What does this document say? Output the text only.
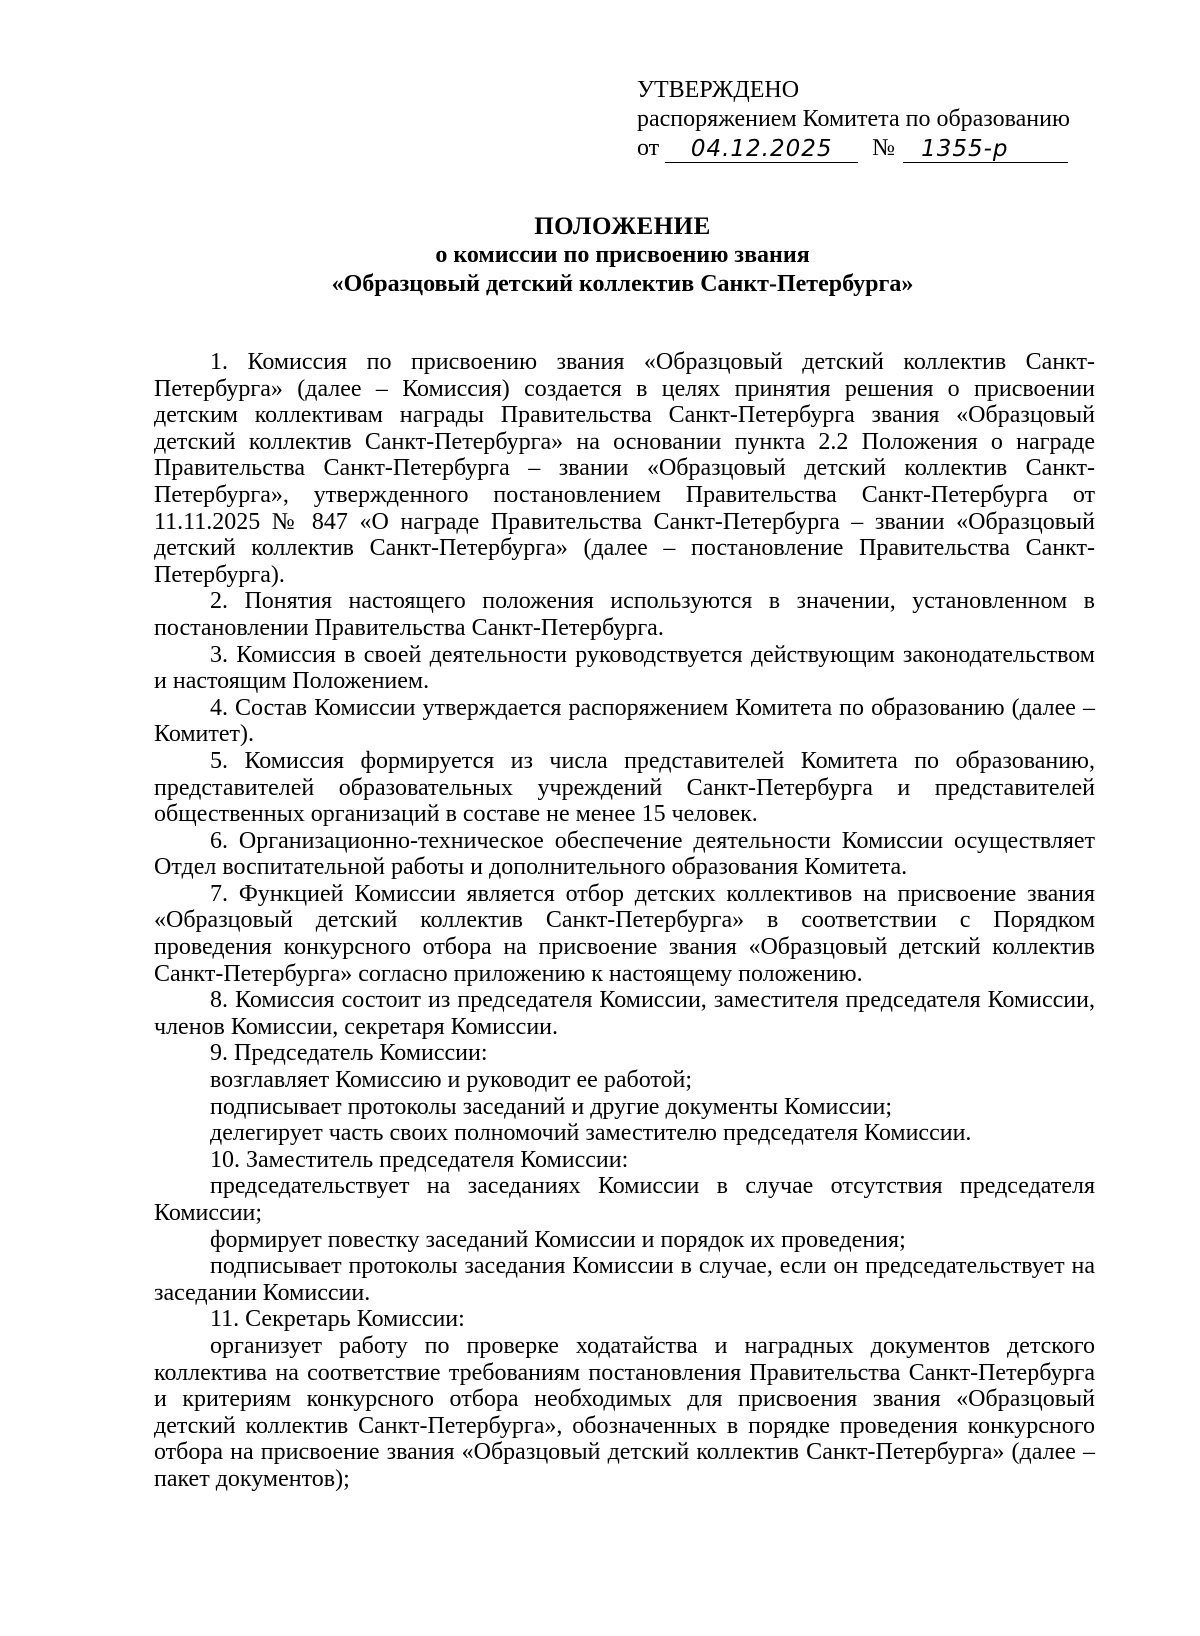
УТВЕРЖДЕНО
распоряжением Комитета по образованию
от	04.12.2025	№	1355-р
ПОЛОЖЕНИЕ
о комиссии по присвоению звания
«Образцовый детский коллектив Санкт-Петербурга»

1. Комиссия по присвоению звания «Образцовый детский коллектив Санкт-Петербурга» (далее – Комиссия) создается в целях принятия решения о присвоении детским коллективам награды Правительства Санкт-Петербурга звания «Образцовый детский коллектив Санкт-Петербурга» на основании пункта 2.2 Положения о награде Правительства Санкт-Петербурга – звании «Образцовый детский коллектив Санкт-Петербурга», утвержденного постановлением Правительства Санкт-Петербурга от 11.11.2025 № 847 «О награде Правительства Санкт-Петербурга – звании «Образцовый детский коллектив Санкт-Петербурга» (далее – постановление Правительства Санкт-Петербурга).

2. Понятия настоящего положения используются в значении, установленном в постановлении Правительства Санкт-Петербурга.

3. Комиссия в своей деятельности руководствуется действующим законодательством и настоящим Положением.

4. Состав Комиссии утверждается распоряжением Комитета по образованию (далее – Комитет).

5. Комиссия формируется из числа представителей Комитета по образованию, представителей образовательных учреждений Санкт-Петербурга и представителей общественных организаций в составе не менее 15 человек.

6. Организационно-техническое обеспечение деятельности Комиссии осуществляет Отдел воспитательной работы и дополнительного образования Комитета.

7. Функцией Комиссии является отбор детских коллективов на присвоение звания «Образцовый детский коллектив Санкт-Петербурга» в соответствии с Порядком проведения конкурсного отбора на присвоение звания «Образцовый детский коллектив Санкт-Петербурга» согласно приложению к настоящему положению.

8. Комиссия состоит из председателя Комиссии, заместителя председателя Комиссии, членов Комиссии, секретаря Комиссии.

9. Председатель Комиссии:

возглавляет Комиссию и руководит ее работой;

подписывает протоколы заседаний и другие документы Комиссии;

делегирует часть своих полномочий заместителю председателя Комиссии.

10. Заместитель председателя Комиссии:

председательствует на заседаниях Комиссии в случае отсутствия председателя Комиссии;

формирует повестку заседаний Комиссии и порядок их проведения;

подписывает протоколы заседания Комиссии в случае, если он председательствует на заседании Комиссии.

11. Секретарь Комиссии:

организует работу по проверке ходатайства и наградных документов детского коллектива на соответствие требованиям постановления Правительства Санкт-Петербурга и критериям конкурсного отбора необходимых для присвоения звания «Образцовый детский коллектив Санкт-Петербурга», обозначенных в порядке проведения конкурсного отбора на присвоение звания «Образцовый детский коллектив Санкт-Петербурга» (далее – пакет документов);
